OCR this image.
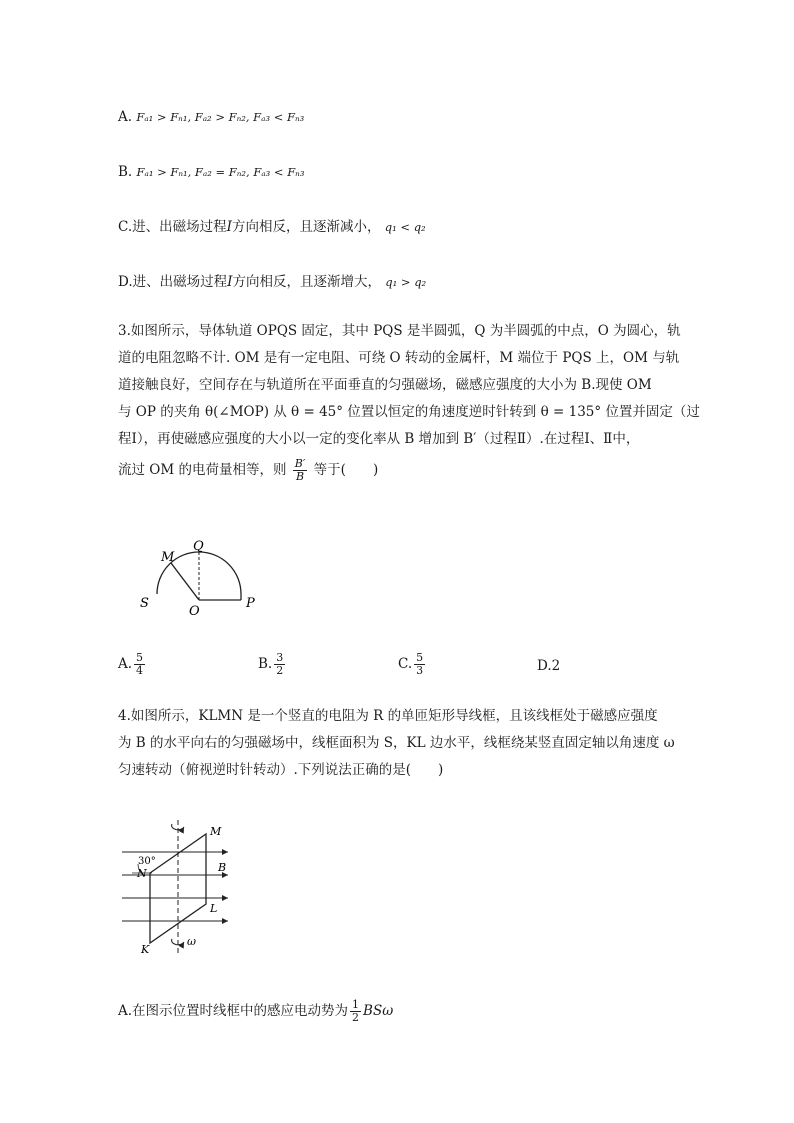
A. Fₐ₁ > Fₙ₁, Fₐ₂ > Fₙ₂, Fₐ₃ < Fₙ₃
B. Fₐ₁ > Fₙ₁, Fₐ₂ = Fₙ₂, Fₐ₃ < Fₙ₃
C.进、出磁场过程I方向相反，且逐渐减小， q₁ < q₂
D.进、出磁场过程I方向相反，且逐渐增大， q₁ > q₂
3.如图所示，导体轨道 OPQS 固定，其中 PQS 是半圆弧，Q 为半圆弧的中点，O 为圆心，轨
道的电阻忽略不计. OM 是有一定电阻、可绕 O 转动的金属杆，M 端位于 PQS 上，OM 与轨
道接触良好，空间存在与轨道所在平面垂直的匀强磁场，磁感应强度的大小为 B.现使 OM
与 OP 的夹角 θ(∠MOP) 从 θ = 45° 位置以恒定的角速度逆时针转到 θ = 135° 位置并固定（过
程Ⅰ），再使磁感应强度的大小以一定的变化率从 B 增加到 B′（过程Ⅱ）.在过程Ⅰ、Ⅱ中，
流过 OM 的电荷量相等，则 $\frac{B'}{B}$ 等于(　　)
M
Q
S
O
P
A. $\frac{5}{4}$	B. $\frac{3}{2}$	C. $\frac{5}{3}$	D.2
4.如图所示，KLMN 是一个竖直的电阻为 R 的单匝矩形导线框，且该线框处于磁感应强度
为 B 的水平向右的匀强磁场中，线框面积为 S，KL 边水平，线框绕某竖直固定轴以角速度 ω
匀速转动（俯视逆时针转动）.下列说法正确的是(　　)
30°
M
B
N
L
K
ω
A.在图示位置时线框中的感应电动势为 $\frac{1}{2}$ BSω
